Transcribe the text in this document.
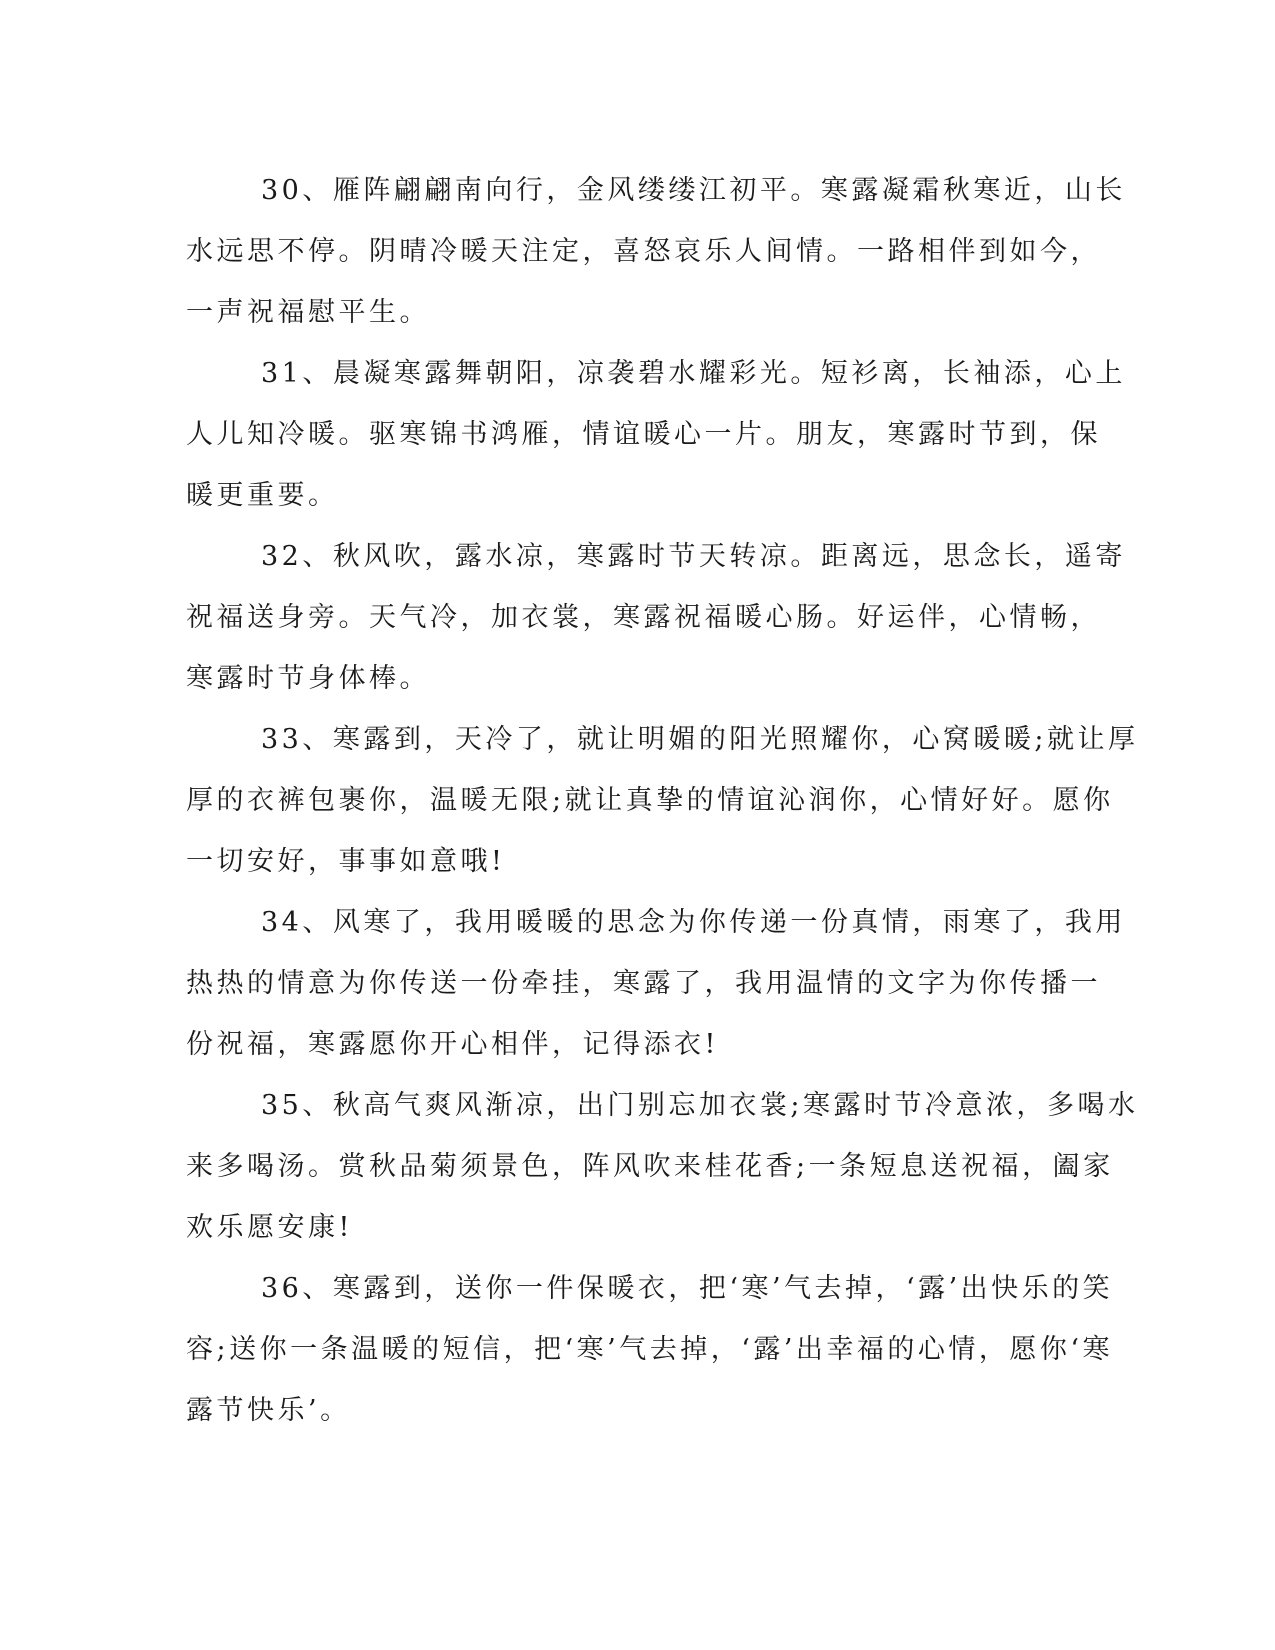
30、雁阵翩翩南向行，金风缕缕江初平。寒露凝霜秋寒近，山长
水远思不停。阴晴冷暖天注定，喜怒哀乐人间情。一路相伴到如今，
一声祝福慰平生。
31、晨凝寒露舞朝阳，凉袭碧水耀彩光。短衫离，长袖添，心上
人儿知冷暖。驱寒锦书鸿雁，情谊暖心一片。朋友，寒露时节到，保
暖更重要。
32、秋风吹，露水凉，寒露时节天转凉。距离远，思念长，遥寄
祝福送身旁。天气冷，加衣裳，寒露祝福暖心肠。好运伴，心情畅，
寒露时节身体棒。
33、寒露到，天冷了，就让明媚的阳光照耀你，心窝暖暖;就让厚
厚的衣裤包裹你，温暖无限;就让真挚的情谊沁润你，心情好好。愿你
一切安好，事事如意哦!
34、风寒了，我用暖暖的思念为你传递一份真情，雨寒了，我用
热热的情意为你传送一份牵挂，寒露了，我用温情的文字为你传播一
份祝福，寒露愿你开心相伴，记得添衣!
35、秋高气爽风渐凉，出门别忘加衣裳;寒露时节冷意浓，多喝水
来多喝汤。赏秋品菊须景色，阵风吹来桂花香;一条短息送祝福，阖家
欢乐愿安康!
36、寒露到，送你一件保暖衣，把‘寒’气去掉，‘露’出快乐的笑
容;送你一条温暖的短信，把‘寒’气去掉，‘露’出幸福的心情，愿你‘寒
露节快乐’。
